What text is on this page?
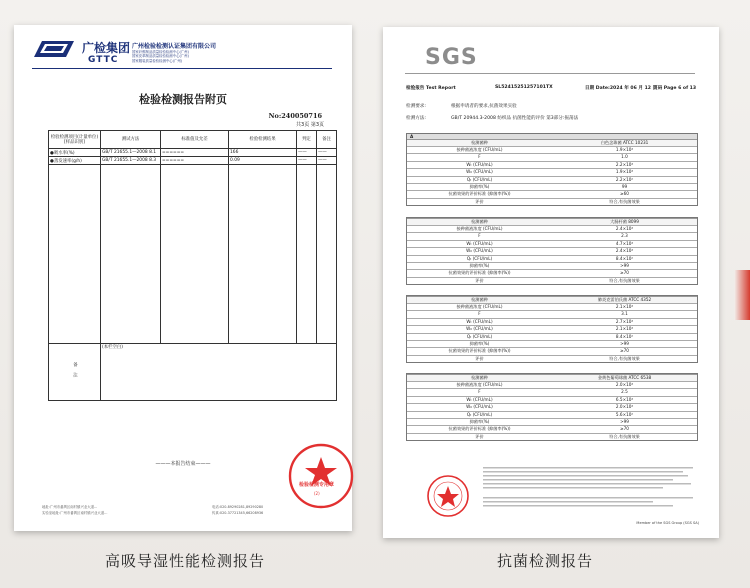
广检集团
GTTC
广州检验检测认证集团有限公司
国家纤维制品质量检验检测中心(广州)
国家皮革制品质量检验检测中心(广州)
国家服装质量检验检测中心(广州)
检验检测报告附页
No:240050716
共3页 第3页
检验检测项目(计量单位)[样品识别]	测试方法	标准值及允差	检验检测结果	判定	备注
●吸水率(%)	GB/T 21655.1—2008 8.1	======	166	——	——
●蒸发速率(g/h)	GB/T 21655.1—2008 8.3	======	0.09	——	——

备注	(本栏空白)				
———本报告结束———
地址:广州市番禺区南村镇兴业大道...
实验室地址:广州市番禺区南村镇兴业大道...
电话:020-89290281,89290280
传真:020-37721345,66208936
检验检测专用章
(2)
SGS
检验报告 Test Report	SL52415251257101TX	日期 Date:2024 年 06 月 12 日
页码 Page 6 of 13
检测要求:	根据申请者的要求,抗菌效果实验
检测方法:	GB/T 20944.3-2008 纺织品 抗菌性能的评价 第3部分:振荡法
A
检测菌种	白色念珠菌 ATCC 10231
接种菌液浓度 (CFU/mL)	1.9×10⁴
F	1.0
Wₜ (CFU/mL)	2.2×10⁴
W₀ (CFU/mL)	1.9×10⁴
Qₜ (CFU/mL)	2.2×10²
抑菌率(%)	99
抗菌效果的评价标准 (抑菌率(%))	≥60
评价	符合,有抗菌效果
检测菌种	大肠杆菌 8099
接种菌液浓度 (CFU/mL)	2.4×10⁴
F	2.3
Wₜ (CFU/mL)	4.7×10⁴
W₀ (CFU/mL)	2.4×10⁴
Qₜ (CFU/mL)	8.4×10²
抑菌率(%)	>99
抗菌效果的评价标准 (抑菌率(%))	≥70
评价	符合,有抗菌效果
检测菌种	肺炎克雷伯氏菌 ATCC 4352
接种菌液浓度 (CFU/mL)	2.1×10⁴
F	3.1
Wₜ (CFU/mL)	2.7×10⁴
W₀ (CFU/mL)	2.1×10⁴
Qₜ (CFU/mL)	8.4×10²
抑菌率(%)	>99
抗菌效果的评价标准 (抑菌率(%))	≥70
评价	符合,有抗菌效果
检测菌种	金黄色葡萄球菌 ATCC 6538
接种菌液浓度 (CFU/mL)	2.0×10⁴
F	2.5
Wₜ (CFU/mL)	6.5×10⁴
W₀ (CFU/mL)	2.0×10⁴
Qₜ (CFU/mL)	5.6×10²
抑菌率(%)	>99
抗菌效果的评价标准 (抑菌率(%))	≥70
评价	符合,有抗菌效果
Member of the SGS Group (SGS SA)
高吸导湿性能检测报告	抗菌检测报告
